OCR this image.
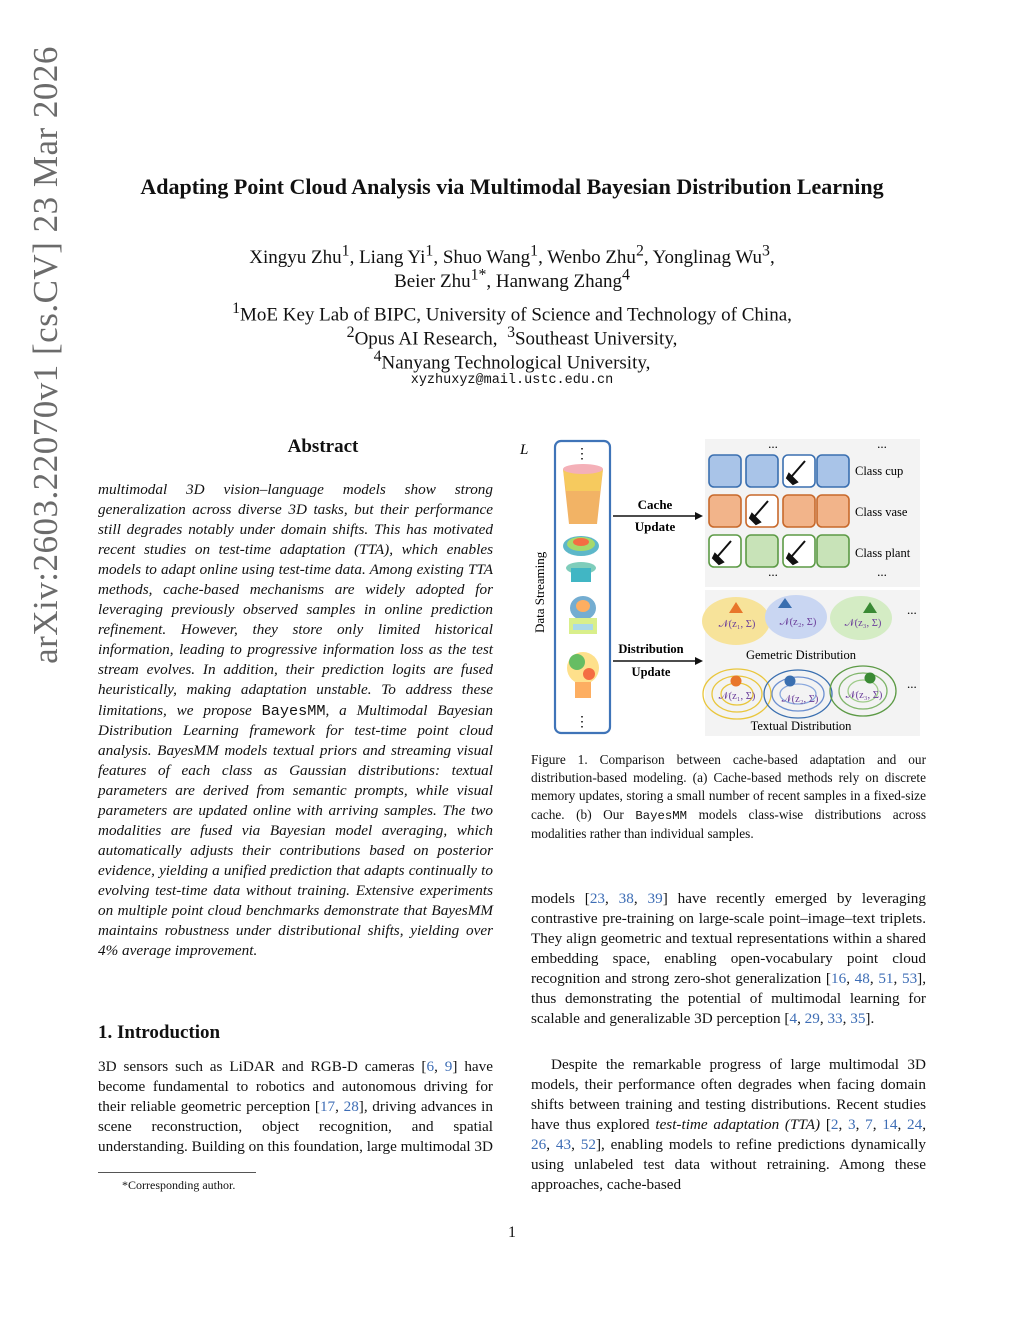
arXiv:2603.22070v1 [cs.CV] 23 Mar 2026	Adapting Point Cloud Analysis via Multimodal Bayesian Distribution Learning
Xingyu Zhu$^1$, Liang Yi$^1$, Shuo Wang$^1$, Wenbo Zhu$^2$, Yonglinag Wu$^3$,
Beier Zhu$^{1*}$, Hanwang Zhang$^4$
$^1$MoE Key Lab of BIPC, University of Science and Technology of China,
$^2$Opus AI Research, $^3$Southeast University,
$^4$Nanyang Technological University,
xyzhuxyz@mail.ustc.edu.cn
Abstract
multimodal 3D vision–language models show strong generalization across diverse 3D tasks, but their performance still degrades notably under domain shifts. This has motivated recent studies on test-time adaptation (TTA), which enables models to adapt online using test-time data. Among existing TTA methods, cache-based mechanisms are widely adopted for leveraging previously observed samples in online prediction refinement. However, they store only limited historical information, leading to progressive information loss as the test stream evolves. In addition, their prediction logits are fused heuristically, making adaptation unstable. To address these limitations, we propose BayesMM, a Multimodal Bayesian Distribution Learning framework for test-time point cloud analysis. BayesMM models textual priors and streaming visual features of each class as Gaussian distributions: textual parameters are derived from semantic prompts, while visual parameters are updated online with arriving samples. The two modalities are fused via Bayesian model averaging, which automatically adjusts their contributions based on posterior evidence, yielding a unified prediction that adapts continually to evolving test-time data without training. Extensive experiments on multiple point cloud benchmarks demonstrate that BayesMM maintains robustness under distributional shifts, yielding over 4% average improvement.
1. Introduction
3D sensors such as LiDAR and RGB-D cameras [6, 9] have become fundamental to robotics and autonomous driving for their reliable geometric perception [17, 28], driving advances in scene reconstruction, object recognition, and spatial understanding. Building on this foundation, large multimodal 3D
*Corresponding author.
models [23, 38, 39] have recently emerged by leveraging contrastive pre-training on large-scale point–image–text triplets. They align geometric and textual representations within a shared embedding space, enabling open-vocabulary point cloud recognition and strong zero-shot generalization [16, 48, 51, 53], thus demonstrating the potential of multimodal learning for scalable and generalizable 3D perception [4, 29, 33, 35].
Despite the remarkable progress of large multimodal 3D models, their performance often degrades when facing domain shifts between training and testing distributions. Recent studies have thus explored test-time adaptation (TTA) [2, 3, 7, 14, 24, 26, 43, 52], enabling models to refine predictions dynamically using unlabeled test data without retraining. Among these approaches, cache-based
1
L	⋮
⋮
Data Streaming
Cache
Update
...	...
Class cup
Class vase
Class plant
...	...
Distribution
Update
𝒩(z₁, Σ) 𝒩(z₂, Σ)	𝒩(z₃, Σ)
...
Gemetric Distribution
𝒩(z₁, Σ)	𝒩(z₂, Σ)	𝒩(z₃, Σ)
...
Textual Distribution
Figure 1. Comparison between cache-based adaptation and our distribution-based modeling. (a) Cache-based methods rely on discrete memory updates, storing a small number of recent samples in a fixed-size cache. (b) Our BayesMM models class-wise distributions across modalities rather than individual samples.
